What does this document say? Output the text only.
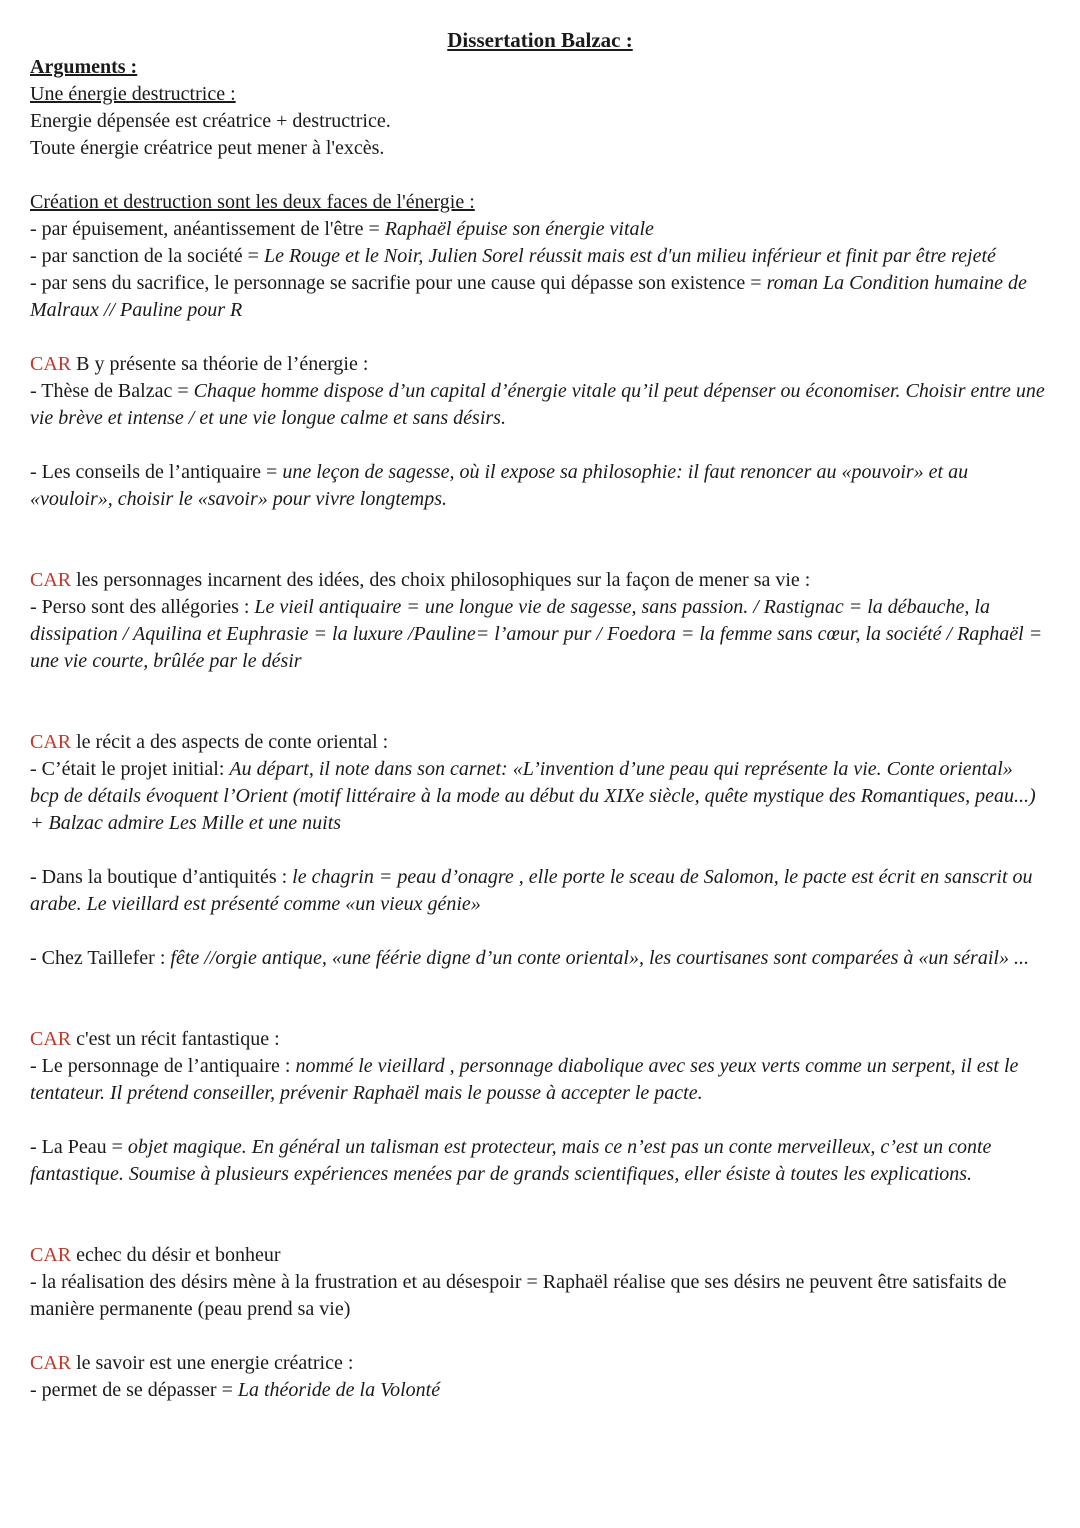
Dissertation Balzac :

Arguments :

Une énergie destructrice :

Energie dépensée est créatrice + destructrice.

Toute énergie créatrice peut mener à l'excès.

Création et destruction sont les deux faces de l'énergie :

- par épuisement, anéantissement de l'être = Raphaël épuise son énergie vitale

- par sanction de la société = Le Rouge et le Noir, Julien Sorel réussit mais est d'un milieu inférieur et finit par être rejeté

- par sens du sacrifice, le personnage se sacrifie pour une cause qui dépasse son existence = roman La Condition humaine de Malraux // Pauline pour R

CAR B y présente sa théorie de l’énergie :

- Thèse de Balzac = Chaque homme dispose d’un capital d’énergie vitale qu’il peut dépenser ou économiser. Choisir entre une vie brève et intense / et une vie longue calme et sans désirs.

- Les conseils de l’antiquaire = une leçon de sagesse, où il expose sa philosophie: il faut renoncer au «pouvoir» et au «vouloir», choisir le «savoir» pour vivre longtemps.

CAR les personnages incarnent des idées, des choix philosophiques sur la façon de mener sa vie :

- Perso sont des allégories : Le vieil antiquaire = une longue vie de sagesse, sans passion. / Rastignac = la débauche, la dissipation / Aquilina et Euphrasie = la luxure /Pauline= l’amour pur / Foedora = la femme sans cœur, la société / Raphaël = une vie courte, brûlée par le désir

CAR le récit a des aspects de conte oriental :

- C’était le projet initial: Au départ, il note dans son carnet: «L’invention d’une peau qui représente la vie. Conte oriental» bcp de détails évoquent l’Orient (motif littéraire à la mode au début du XIXe siècle, quête mystique des Romantiques, peau...) + Balzac admire Les Mille et une nuits

- Dans la boutique d’antiquités : le chagrin = peau d’onagre , elle porte le sceau de Salomon, le pacte est écrit en sanscrit ou arabe. Le vieillard est présenté comme «un vieux génie»

- Chez Taillefer : fête //orgie antique, «une féérie digne d’un conte oriental», les courtisanes sont comparées à «un sérail» ...

CAR c'est un récit fantastique :

- Le personnage de l’antiquaire : nommé le vieillard , personnage diabolique avec ses yeux verts comme un serpent, il est le tentateur. Il prétend conseiller, prévenir Raphaël mais le pousse à accepter le pacte.

- La Peau = objet magique. En général un talisman est protecteur, mais ce n’est pas un conte merveilleux, c’est un conte fantastique. Soumise à plusieurs expériences menées par de grands scientifiques, eller ésiste à toutes les explications.

CAR echec du désir et bonheur

- la réalisation des désirs mène à la frustration et au désespoir = Raphaël réalise que ses désirs ne peuvent être satisfaits de manière permanente (peau prend sa vie)

CAR le savoir est une energie créatrice :

- permet de se dépasser = La théoride de la Volonté
